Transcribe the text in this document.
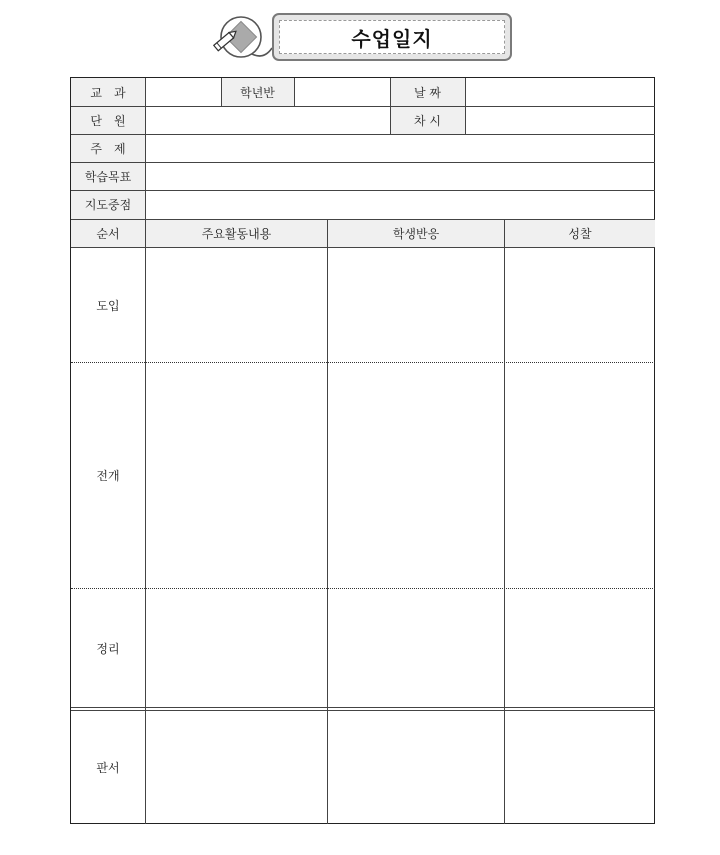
수업일지
교　과	학년반	날 짜
단　원	차 시
주　제
학습목표
지도중점
순서	주요활동내용	학생반응	성찰
도입
전개
정리
판서
